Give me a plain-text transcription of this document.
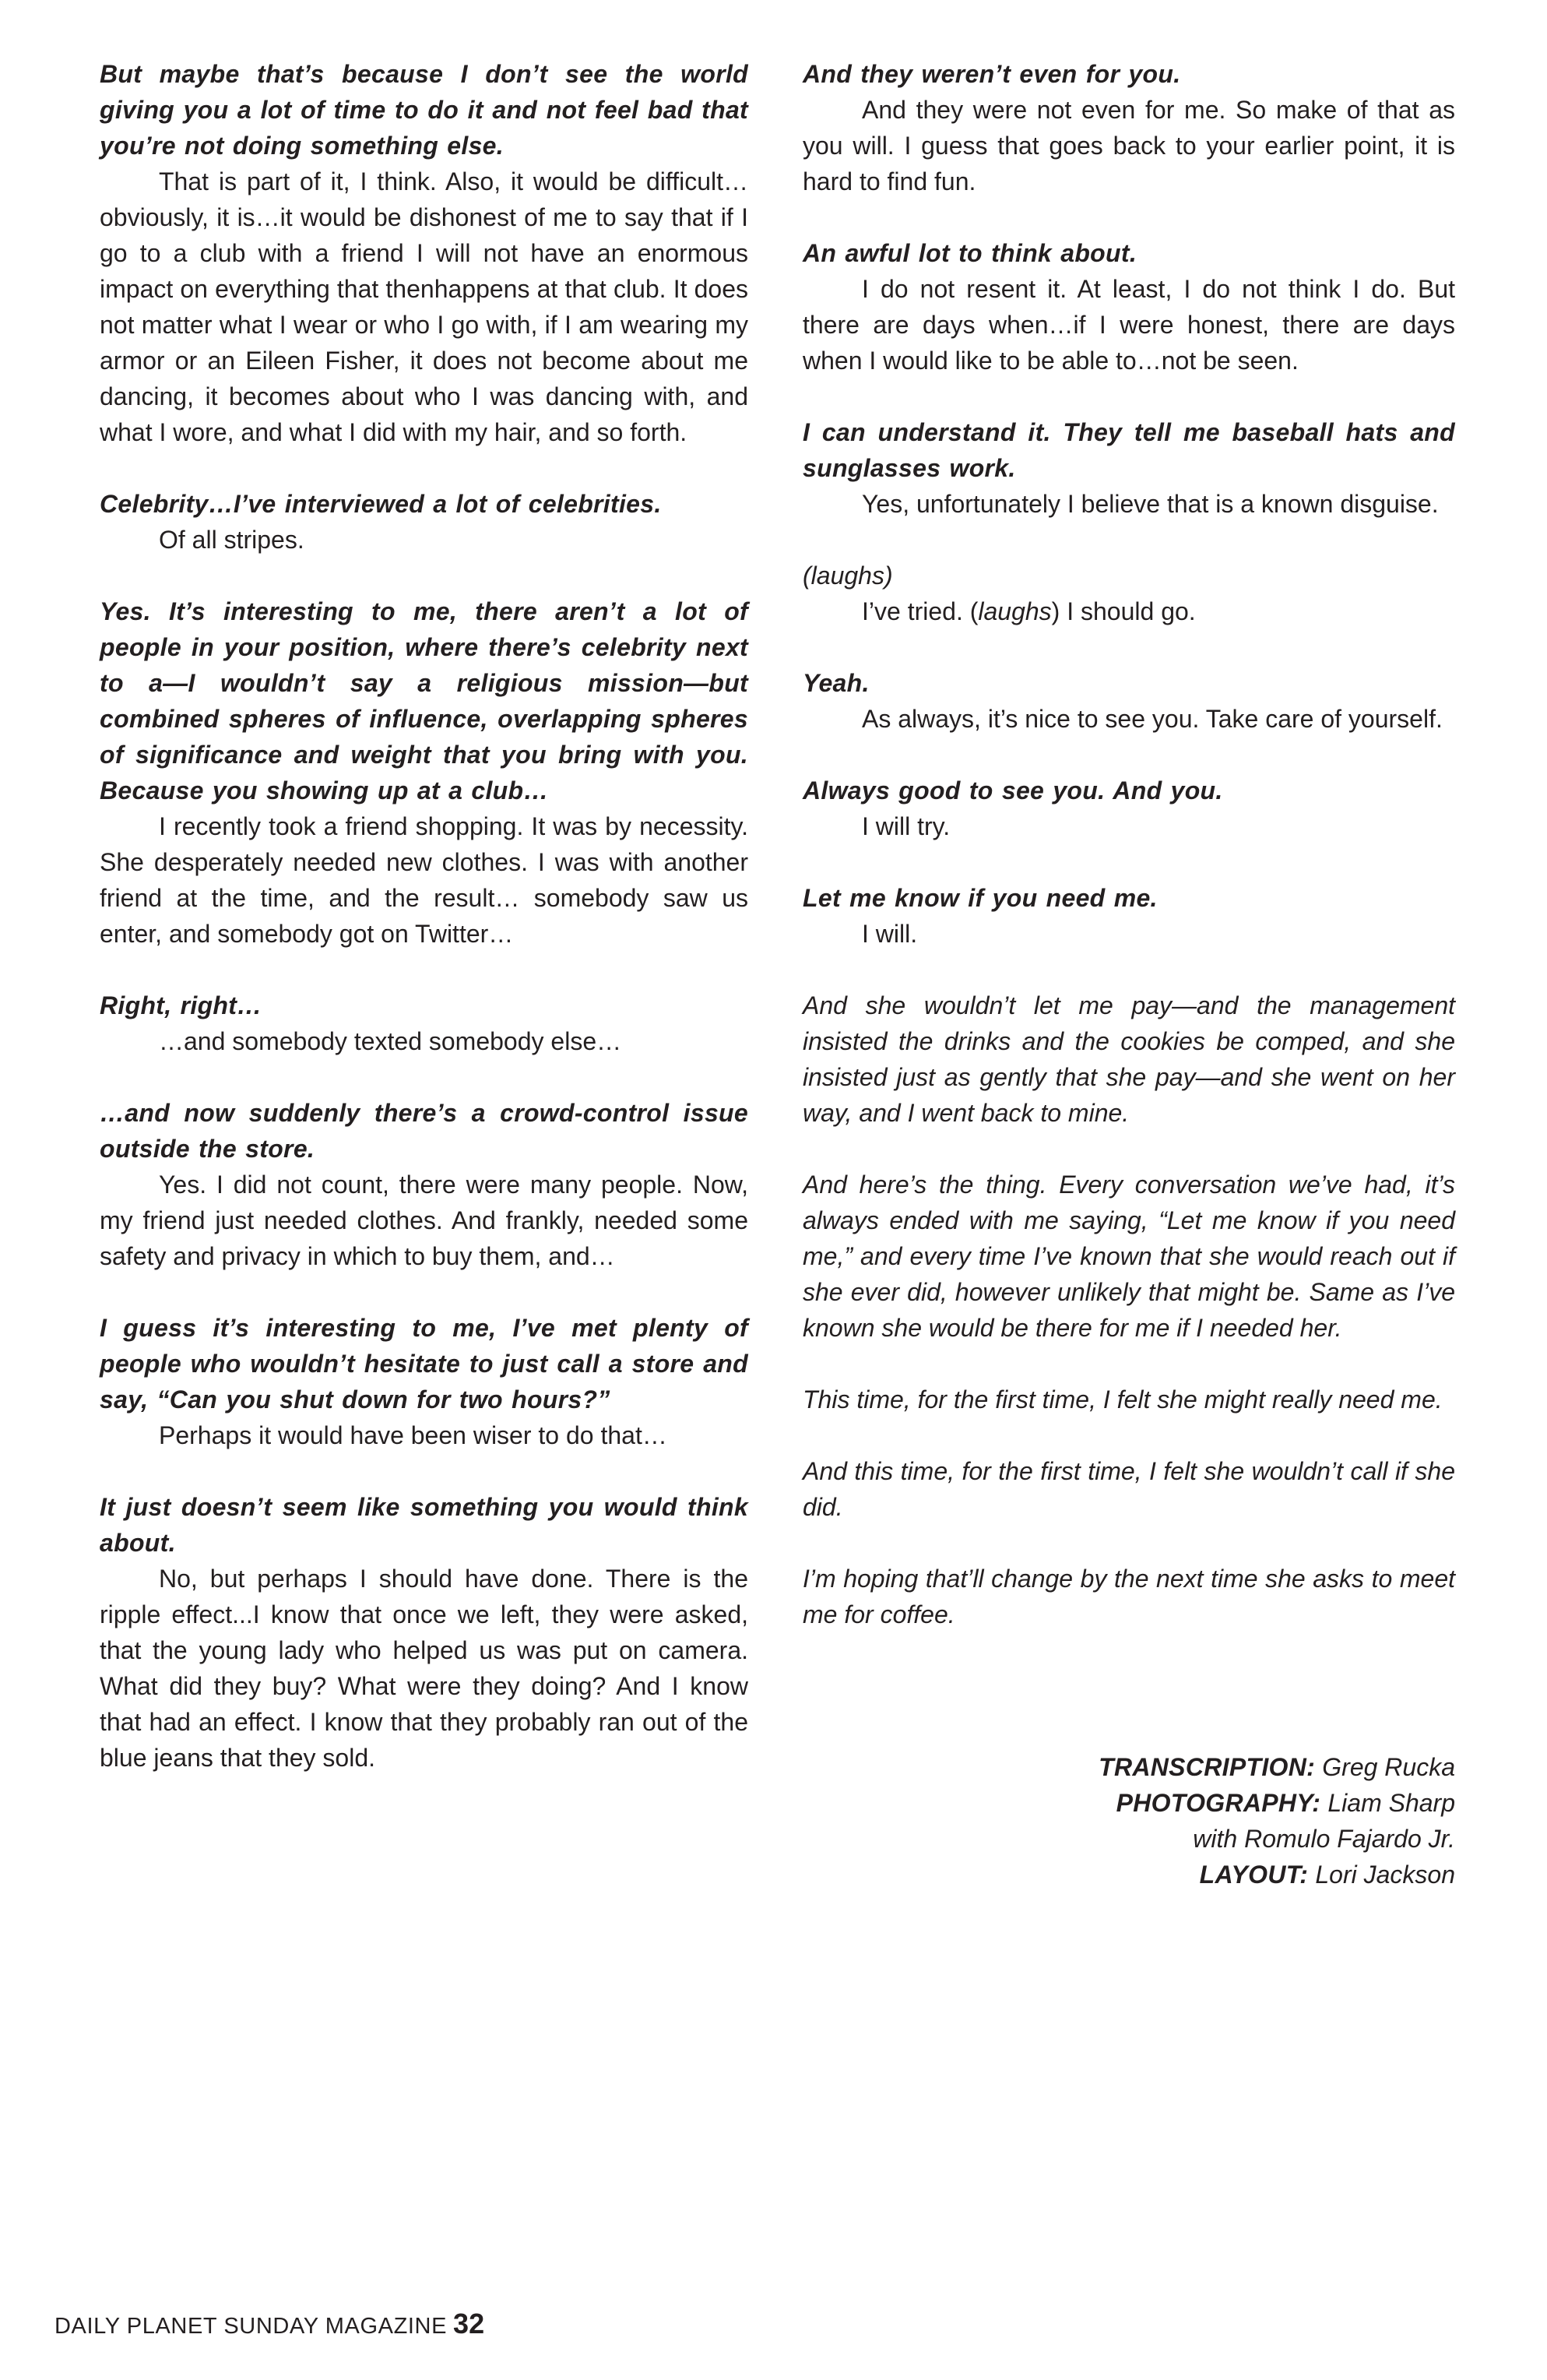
But maybe that’s because I don’t see the world giving you a lot of time to do it and not feel bad that you’re not doing something else.

That is part of it, I think. Also, it would be difficult…obviously, it is…it would be dishonest of me to say that if I go to a club with a friend I will not have an enormous impact on everything that thenhappens at that club. It does not matter what I wear or who I go with, if I am wearing my armor or an Eileen Fisher, it does not become about me dancing, it becomes about who I was dancing with, and what I wore, and what I did with my hair, and so forth.

Celebrity…I’ve interviewed a lot of celebrities.

Of all stripes.

Yes. It’s interesting to me, there aren’t a lot of people in your position, where there’s celebrity next to a—I wouldn’t say a religious mission—but combined spheres of influence, overlapping spheres of significance and weight that you bring with you. Because you showing up at a club…

I recently took a friend shopping. It was by necessity. She desperately needed new clothes. I was with another friend at the time, and the result… somebody saw us enter, and somebody got on Twitter…

Right, right…

…and somebody texted somebody else…

…and now suddenly there’s a crowd-control issue outside the store.

Yes. I did not count, there were many people. Now, my friend just needed clothes. And frankly, needed some safety and privacy in which to buy them, and…

I guess it’s interesting to me, I’ve met plenty of people who wouldn’t hesitate to just call a store and say, “Can you shut down for two hours?”

Perhaps it would have been wiser to do that…

It just doesn’t seem like something you would think about.

No, but perhaps I should have done. There is the ripple effect...I know that once we left, they were asked, that the young lady who helped us was put on camera. What did they buy? What were they doing? And I know that had an effect. I know that they probably ran out of the blue jeans that they sold.

And they weren’t even for you.

And they were not even for me. So make of that as you will. I guess that goes back to your earlier point, it is hard to find fun.

An awful lot to think about.

I do not resent it. At least, I do not think I do. But there are days when…if I were honest, there are days when I would like to be able to…not be seen.

I can understand it. They tell me baseball hats and sunglasses work.

Yes, unfortunately I believe that is a known disguise.

(laughs)

I’ve tried. (laughs) I should go.

Yeah.

As always, it’s nice to see you. Take care of yourself.

Always good to see you. And you.

I will try.

Let me know if you need me.

I will.

And she wouldn’t let me pay—and the management insisted the drinks and the cookies be comped, and she insisted just as gently that she pay—and she went on her way, and I went back to mine.

And here’s the thing. Every conversation we’ve had, it’s always ended with me saying, “Let me know if you need me,” and every time I’ve known that she would reach out if she ever did, however unlikely that might be. Same as I’ve known she would be there for me if I needed her.

This time, for the first time, I felt she might really need me.

And this time, for the first time, I felt she wouldn’t call if she did.

I’m hoping that’ll change by the next time she asks to meet me for coffee.

TRANSCRIPTION: Greg Rucka
PHOTOGRAPHY: Liam Sharp
with Romulo Fajardo Jr.
LAYOUT: Lori Jackson
DAILY PLANET SUNDAY MAGAZINE 32
